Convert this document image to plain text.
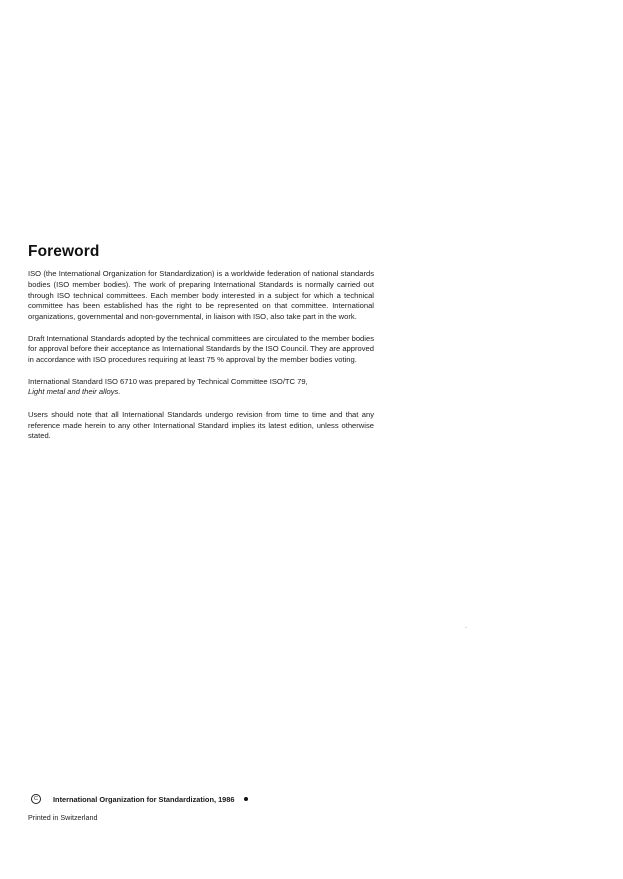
Foreword

ISO (the International Organization for Standardization) is a worldwide federation of national standards bodies (ISO member bodies). The work of preparing International Standards is normally carried out through ISO technical committees. Each member body interested in a subject for which a technical committee has been established has the right to be represented on that committee. International organizations, governmental and non-governmental, in liaison with ISO, also take part in the work.

Draft International Standards adopted by the technical committees are circulated to the member bodies for approval before their acceptance as International Standards by the ISO Council. They are approved in accordance with ISO procedures requiring at least 75 % approval by the member bodies voting.

International Standard ISO 6710 was prepared by Technical Committee ISO/TC 79,
Light metal and their alloys.

Users should note that all International Standards undergo revision from time to time and that any reference made herein to any other International Standard implies its latest edition, unless otherwise stated.

C	International Organization for Standardization, 1986
Printed in Switzerland
